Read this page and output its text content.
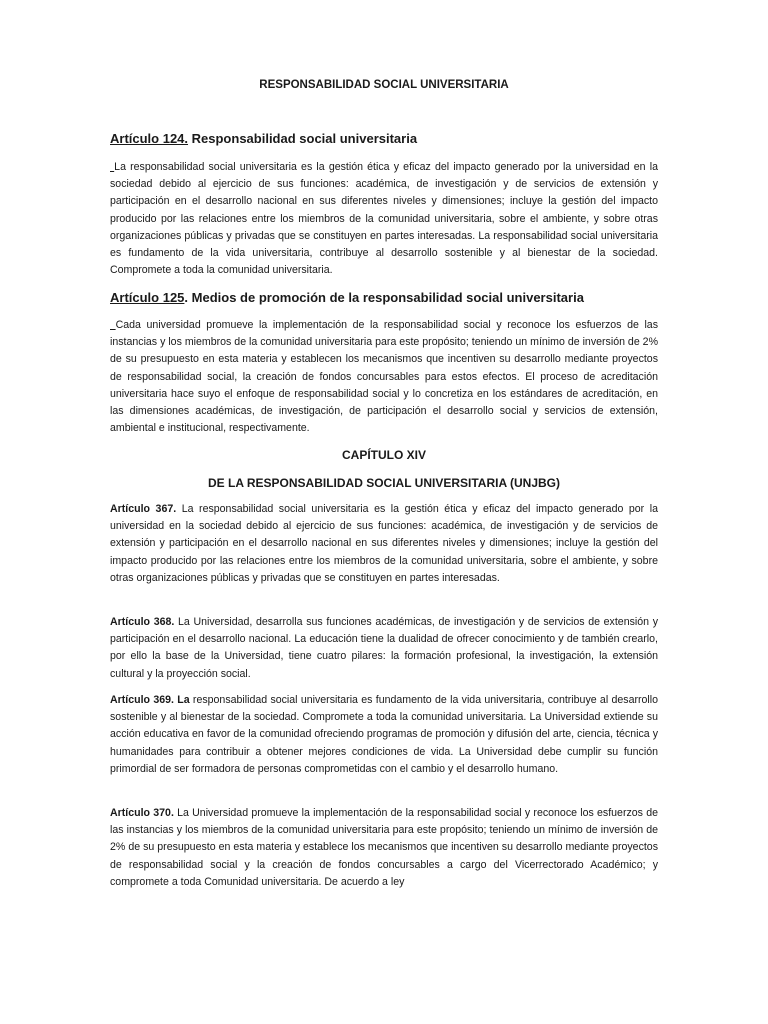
RESPONSABILIDAD SOCIAL UNIVERSITARIA
Artículo 124. Responsabilidad social universitaria
La responsabilidad social universitaria es la gestión ética y eficaz del impacto generado por la universidad en la sociedad debido al ejercicio de sus funciones: académica, de investigación y de servicios de extensión y participación en el desarrollo nacional en sus diferentes niveles y dimensiones; incluye la gestión del impacto producido por las relaciones entre los miembros de la comunidad universitaria, sobre el ambiente, y sobre otras organizaciones públicas y privadas que se constituyen en partes interesadas. La responsabilidad social universitaria es fundamento de la vida universitaria, contribuye al desarrollo sostenible y al bienestar de la sociedad. Compromete a toda la comunidad universitaria.
Artículo 125. Medios de promoción de la responsabilidad social universitaria
Cada universidad promueve la implementación de la responsabilidad social y reconoce los esfuerzos de las instancias y los miembros de la comunidad universitaria para este propósito; teniendo un mínimo de inversión de 2% de su presupuesto en esta materia y establecen los mecanismos que incentiven su desarrollo mediante proyectos de responsabilidad social, la creación de fondos concursables para estos efectos. El proceso de acreditación universitaria hace suyo el enfoque de responsabilidad social y lo concretiza en los estándares de acreditación, en las dimensiones académicas, de investigación, de participación el desarrollo social y servicios de extensión, ambiental e institucional, respectivamente.
CAPÍTULO XIV
DE LA RESPONSABILIDAD SOCIAL UNIVERSITARIA (UNJBG)
Artículo 367. La responsabilidad social universitaria es la gestión ética y eficaz del impacto generado por la universidad en la sociedad debido al ejercicio de sus funciones: académica, de investigación y de servicios de extensión y participación en el desarrollo nacional en sus diferentes niveles y dimensiones; incluye la gestión del impacto producido por las relaciones entre los miembros de la comunidad universitaria, sobre el ambiente, y sobre otras organizaciones públicas y privadas que se constituyen en partes interesadas.
Artículo 368. La Universidad, desarrolla sus funciones académicas, de investigación y de servicios de extensión y participación en el desarrollo nacional. La educación tiene la dualidad de ofrecer conocimiento y de también crearlo, por ello la base de la Universidad, tiene cuatro pilares: la formación profesional, la investigación, la extensión cultural y la proyección social.
Artículo 369. La responsabilidad social universitaria es fundamento de la vida universitaria, contribuye al desarrollo sostenible y al bienestar de la sociedad. Compromete a toda la comunidad universitaria. La Universidad extiende su acción educativa en favor de la comunidad ofreciendo programas de promoción y difusión del arte, ciencia, técnica y humanidades para contribuir a obtener mejores condiciones de vida. La Universidad debe cumplir su función primordial de ser formadora de personas comprometidas con el cambio y el desarrollo humano.
Artículo 370. La Universidad promueve la implementación de la responsabilidad social y reconoce los esfuerzos de las instancias y los miembros de la comunidad universitaria para este propósito; teniendo un mínimo de inversión de 2% de su presupuesto en esta materia y establece los mecanismos que incentiven su desarrollo mediante proyectos de responsabilidad social y la creación de fondos concursables a cargo del Vicerrectorado Académico; y compromete a toda Comunidad universitaria. De acuerdo a ley
